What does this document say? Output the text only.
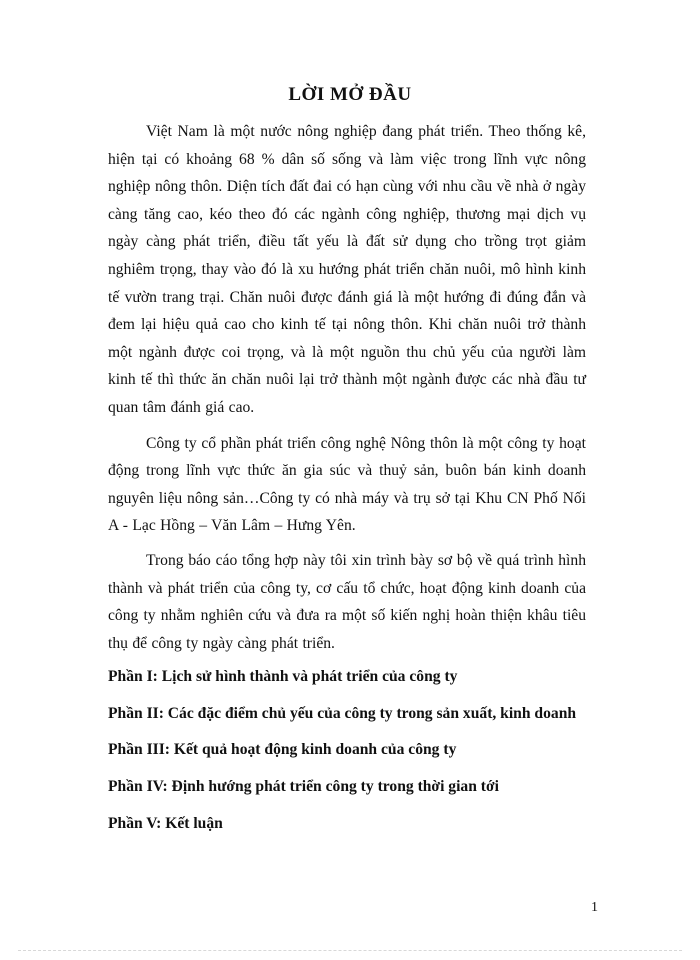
LỜI MỞ ĐẦU

Việt Nam là một nước nông nghiệp đang phát triển. Theo thống kê, hiện tại có khoảng 68 % dân số sống và làm việc trong lĩnh vực nông nghiệp nông thôn. Diện tích đất đai có hạn cùng với nhu cầu về nhà ở ngày càng tăng cao, kéo theo đó các ngành công nghiệp, thương mại dịch vụ ngày càng phát triển, điều tất yếu là đất sử dụng cho trồng trọt giảm nghiêm trọng, thay vào đó là xu hướng phát triển chăn nuôi, mô hình kinh tế vườn trang trại. Chăn nuôi được đánh giá là một hướng đi đúng đắn và đem lại hiệu quả cao cho kinh tế tại nông thôn. Khi chăn nuôi trở thành một ngành được coi trọng, và là một nguồn thu chủ yếu của người làm kinh tế thì thức ăn chăn nuôi lại trở thành một ngành được các nhà đầu tư quan tâm đánh giá cao.

Công ty cổ phần phát triển công nghệ Nông thôn là một công ty hoạt động trong lĩnh vực thức ăn gia súc và thuỷ sản, buôn bán kinh doanh nguyên liệu nông sản…Công ty có nhà máy và trụ sở tại Khu CN Phố Nối A - Lạc Hồng – Văn Lâm – Hưng Yên.

Trong báo cáo tổng hợp này tôi xin trình bày sơ bộ về quá trình hình thành và phát triển của công ty, cơ cấu tổ chức, hoạt động kinh doanh của công ty nhằm nghiên cứu và đưa ra một số kiến nghị hoàn thiện khâu tiêu thụ để công ty ngày càng phát triển.

Phần I: Lịch sử hình thành và phát triển của công ty

Phần II: Các đặc điểm chủ yếu của công ty trong sản xuất, kinh doanh

Phần III: Kết quả hoạt động kinh doanh của công ty

Phần IV: Định hướng phát triển công ty trong thời gian tới

Phần V: Kết luận

1
